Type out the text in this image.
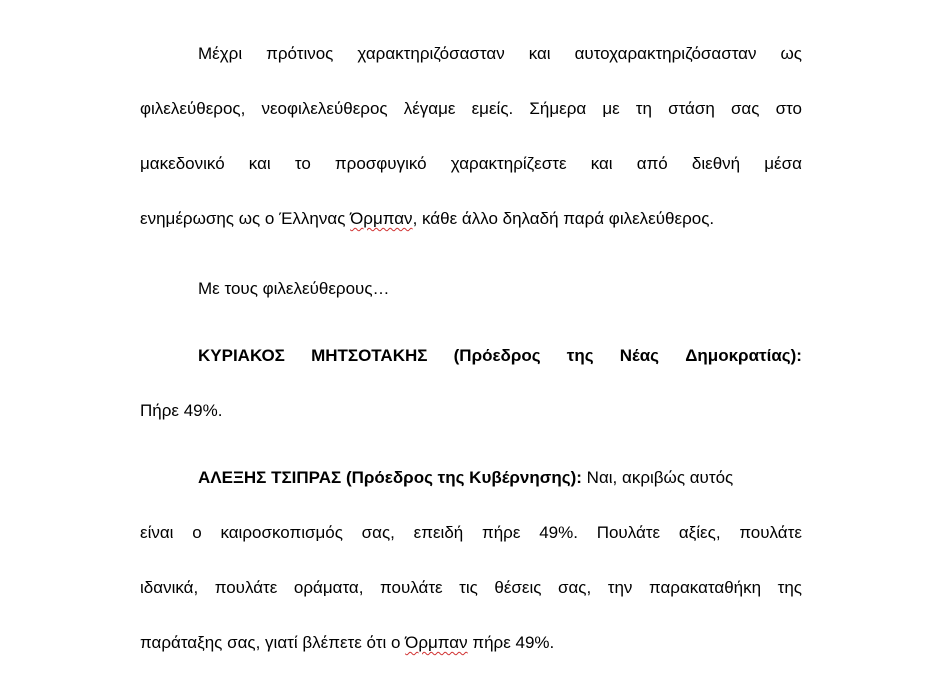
Μέχρι πρότινος χαρακτηριζόσασταν και αυτοχαρακτηριζόσασταν ως
φιλελεύθερος, νεοφιλελεύθερος λέγαμε εμείς. Σήμερα με τη στάση σας στο
μακεδονικό και το προσφυγικό χαρακτηρίζεστε και από διεθνή μέσα
ενημέρωσης ως ο Έλληνας Όρμπαν, κάθε άλλο δηλαδή παρά φιλελεύθερος.
Με τους φιλελεύθερους…
ΚΥΡΙΑΚΟΣ ΜΗΤΣΟΤΑΚΗΣ (Πρόεδρος της Νέας Δημοκρατίας):
Πήρε 49%.
ΑΛΕΞΗΣ ΤΣΙΠΡΑΣ (Πρόεδρος της Κυβέρνησης): Ναι, ακριβώς αυτός
είναι ο καιροσκοπισμός σας, επειδή πήρε 49%. Πουλάτε αξίες, πουλάτε
ιδανικά, πουλάτε οράματα, πουλάτε τις θέσεις σας, την παρακαταθήκη της
παράταξης σας, γιατί βλέπετε ότι ο Όρμπαν πήρε 49%.
